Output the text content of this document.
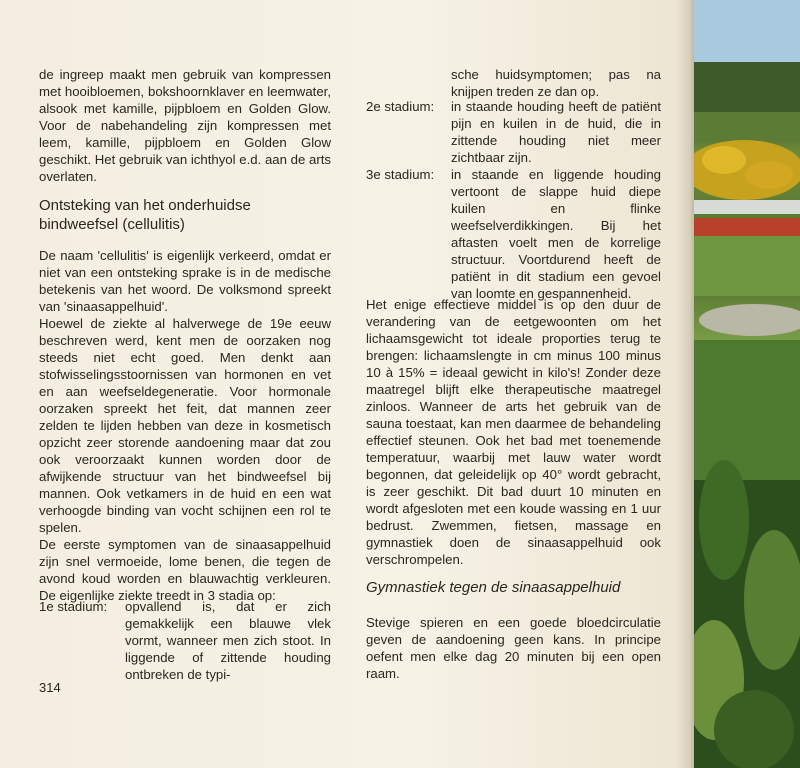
de ingreep maakt men gebruik van kompressen met hooibloemen, bokshoornklaver en leemwater, alsook met kamille, pijpbloem en Golden Glow. Voor de nabehandeling zijn kompressen met leem, kamille, pijpbloem en Golden Glow geschikt. Het gebruik van ichthyol e.d. aan de arts overlaten.

Ontsteking van het onderhuidse

bindweefsel (cellulitis)

De naam 'cellulitis' is eigenlijk verkeerd, omdat er niet van een ontsteking sprake is in de medische betekenis van het woord. De volksmond spreekt van 'sinaasappelhuid'.

Hoewel de ziekte al halverwege de 19e eeuw beschreven werd, kent men de oorzaken nog steeds niet echt goed. Men denkt aan stofwisselingsstoornissen van hormonen en vet en aan weefseldegeneratie. Voor hormonale oorzaken spreekt het feit, dat mannen zeer zelden te lijden hebben van deze in kosmetisch opzicht zeer storende aandoening maar dat zou ook veroorzaakt kunnen worden door de afwijkende structuur van het bindweefsel bij mannen. Ook vetkamers in de huid en een wat verhoogde binding van vocht schijnen een rol te spelen.

De eerste symptomen van de sinaasappelhuid zijn snel vermoeide, lome benen, die tegen de avond koud worden en blauwachtig verkleuren. De eigenlijke ziekte treedt in 3 stadia op:

1e stadium:	opvallend is, dat er zich gemakkelijk een blauwe vlek vormt, wanneer men zich stoot. In liggende of zittende houding ontbreken de typi-
314
sche huidsymptomen; pas na knijpen treden ze dan op.
2e stadium:	in staande houding heeft de patiënt pijn en kuilen in de huid, die in zittende houding niet meer zichtbaar zijn.
3e stadium:	in staande en liggende houding vertoont de slappe huid diepe kuilen en flinke weefselverdikkingen. Bij het aftasten voelt men de korrelige structuur. Voortdurend heeft de patiënt in dit stadium een gevoel van loomte en gespannenheid.

Het enige effectieve middel is op den duur de verandering van de eetgewoonten om het lichaamsgewicht tot ideale proporties terug te brengen: lichaamslengte in cm minus 100 minus 10 à 15% = ideaal gewicht in kilo's! Zonder deze maatregel blijft elke therapeutische maatregel zinloos. Wanneer de arts het gebruik van de sauna toestaat, kan men daarmee de behandeling effectief steunen. Ook het bad met toenemende temperatuur, waarbij met lauw water wordt begonnen, dat geleidelijk op 40° wordt gebracht, is zeer geschikt. Dit bad duurt 10 minuten en wordt afgesloten met een koude wassing en 1 uur bedrust. Zwemmen, fietsen, massage en gymnastiek doen de sinaasappelhuid ook verschrompelen.

Gymnastiek tegen de sinaasappelhuid

Stevige spieren en een goede bloedcirculatie geven de aandoening geen kans. In principe oefent men elke dag 20 minuten bij een open raam.
